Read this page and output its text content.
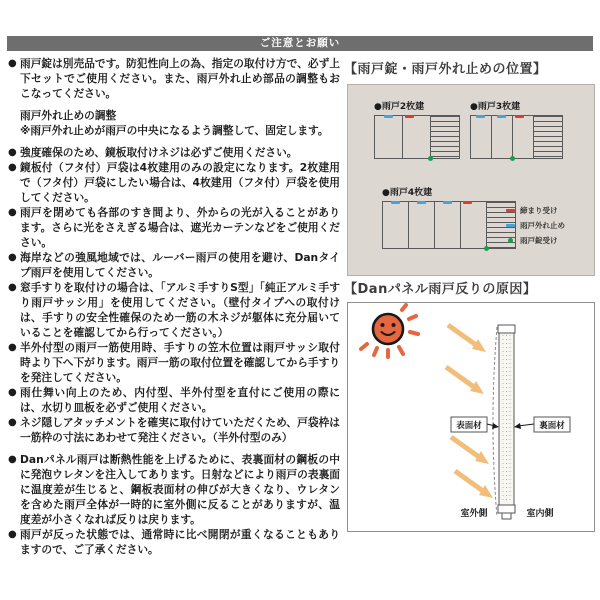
ご注意とお願い
● 雨戸錠は別売品です。防犯性向上の為、指定の取付け方で、必ず上下セットでご使用ください。また、雨戸外れ止め部品の調整もおこなってください。
雨戸外れ止めの調整
※雨戸外れ止めが雨戸の中央になるよう調整して、固定します。
● 強度確保のため、鏡板取付けネジは必ずご使用ください。
● 鏡板付（フタ付）戸袋は4枚建用のみの設定になります。2枚建用で（フタ付）戸袋にしたい場合は、4枚建用（フタ付）戸袋を使用してください。
● 雨戸を閉めても各部のすき間より、外からの光が入ることがあります。さらに光をさえぎる場合は、遮光カーテンなどをご使用ください。
● 海岸などの強風地域では、ルーバー雨戸の使用を避け、Danタイプ雨戸を使用してください。
● 窓手すりを取付けの場合は、「アルミ手すりS型」「純正アルミ手すり雨戸サッシ用」を使用してください。（壁付タイプへの取付けは、手すりの安全性確保のため一筋の木ネジが躯体に充分届いていることを確認してから行ってください。）
● 半外付型の雨戸一筋使用時、手すりの笠木位置は雨戸サッシ取付時より下へ下がります。雨戸一筋の取付位置を確認してから手すりを発注してください。
● 雨仕舞い向上のため、内付型、半外付型を直付にご使用の際には、水切り皿板を必ずご使用ください。
● ネジ隠しアタッチメントを確実に取付けていただくため、戸袋枠は一筋枠の寸法にあわせて発注ください。（半外付型のみ）
● Danパネル雨戸は断熱性能を上げるために、表裏面材の鋼板の中に発泡ウレタンを注入してあります。日射などにより雨戸の表裏面に温度差が生じると、鋼板表面材の伸びが大きくなり、ウレタンを含めた雨戸全体が一時的に室外側に反ることがありますが、温度差が小さくなれば反りは戻ります。
● 雨戸が反った状態では、通常時に比べ開閉が重くなることもありますので、ご了承ください。
【雨戸錠・雨戸外れ止めの位置】
●雨戸2枚建	●雨戸3枚建
●雨戸4枚建
締まり受け
雨戸外れ止め
雨戸錠受け
【Danパネル雨戸反りの原因】
表面材	裏面材
室外側	室内側
